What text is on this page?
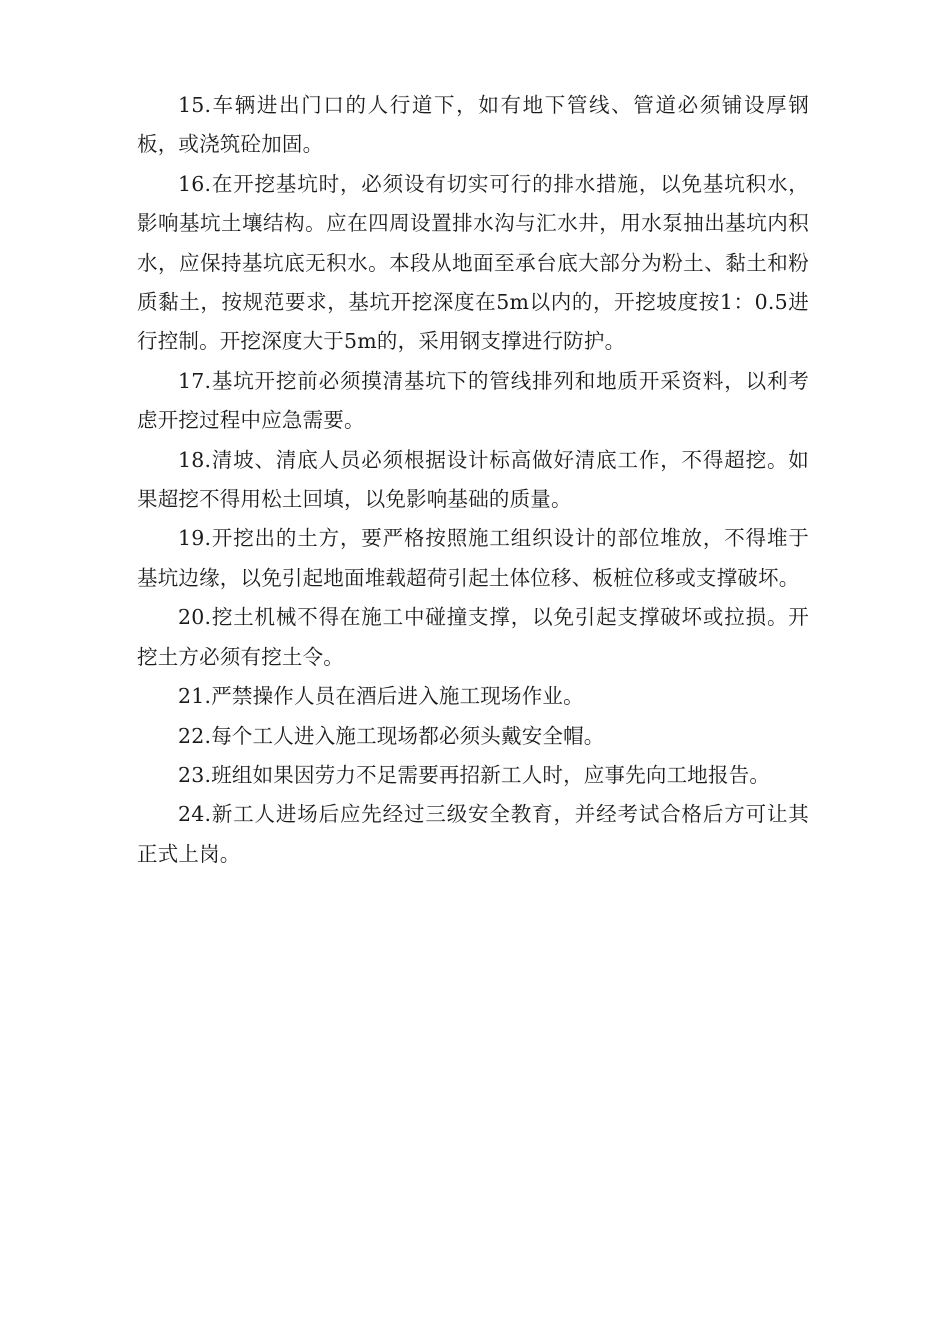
15.车辆进出门口的人行道下，如有地下管线、管道必须铺设厚钢板，或浇筑砼加固。

16.在开挖基坑时，必须设有切实可行的排水措施，以免基坑积水，影响基坑土壤结构。应在四周设置排水沟与汇水井，用水泵抽出基坑内积水，应保持基坑底无积水。本段从地面至承台底大部分为粉土、黏土和粉质黏土，按规范要求，基坑开挖深度在5m以内的，开挖坡度按1：0.5进行控制。开挖深度大于5m的，采用钢支撑进行防护。

17.基坑开挖前必须摸清基坑下的管线排列和地质开采资料，以利考虑开挖过程中应急需要。

18.清坡、清底人员必须根据设计标高做好清底工作，不得超挖。如果超挖不得用松土回填，以免影响基础的质量。

19.开挖出的土方，要严格按照施工组织设计的部位堆放，不得堆于基坑边缘，以免引起地面堆载超荷引起土体位移、板桩位移或支撑破坏。

20.挖土机械不得在施工中碰撞支撑，以免引起支撑破坏或拉损。开挖土方必须有挖土令。

21.严禁操作人员在酒后进入施工现场作业。

22.每个工人进入施工现场都必须头戴安全帽。

23.班组如果因劳力不足需要再招新工人时，应事先向工地报告。

24.新工人进场后应先经过三级安全教育，并经考试合格后方可让其正式上岗。
